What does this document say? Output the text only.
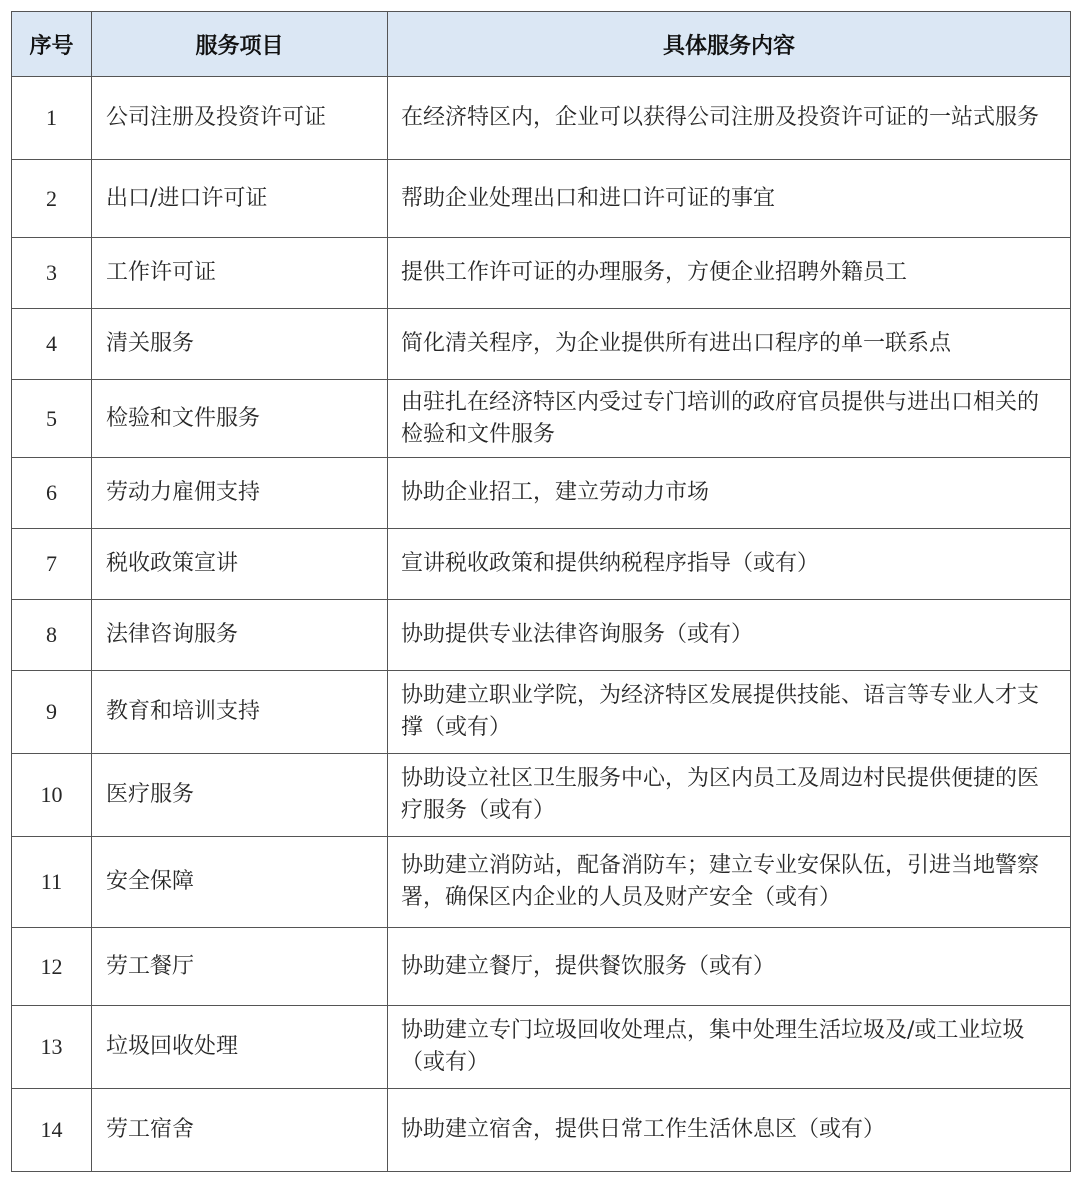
序号	服务项目	具体服务内容
1	公司注册及投资许可证	在经济特区内，企业可以获得公司注册及投资许可证的一站式服务
2	出口/进口许可证	帮助企业处理出口和进口许可证的事宜
3	工作许可证	提供工作许可证的办理服务，方便企业招聘外籍员工
4	清关服务	简化清关程序，为企业提供所有进出口程序的单一联系点
5	检验和文件服务	由驻扎在经济特区内受过专门培训的政府官员提供与进出口相关的检验和文件服务
6	劳动力雇佣支持	协助企业招工，建立劳动力市场
7	税收政策宣讲	宣讲税收政策和提供纳税程序指导（或有）
8	法律咨询服务	协助提供专业法律咨询服务（或有）
9	教育和培训支持	协助建立职业学院，为经济特区发展提供技能、语言等专业人才支撑（或有）
10	医疗服务	协助设立社区卫生服务中心，为区内员工及周边村民提供便捷的医疗服务（或有）
11	安全保障	协助建立消防站，配备消防车；建立专业安保队伍，引进当地警察署，确保区内企业的人员及财产安全（或有）
12	劳工餐厅	协助建立餐厅，提供餐饮服务（或有）
13	垃圾回收处理	协助建立专门垃圾回收处理点，集中处理生活垃圾及/或工业垃圾（或有）
14	劳工宿舍	协助建立宿舍，提供日常工作生活休息区（或有）
